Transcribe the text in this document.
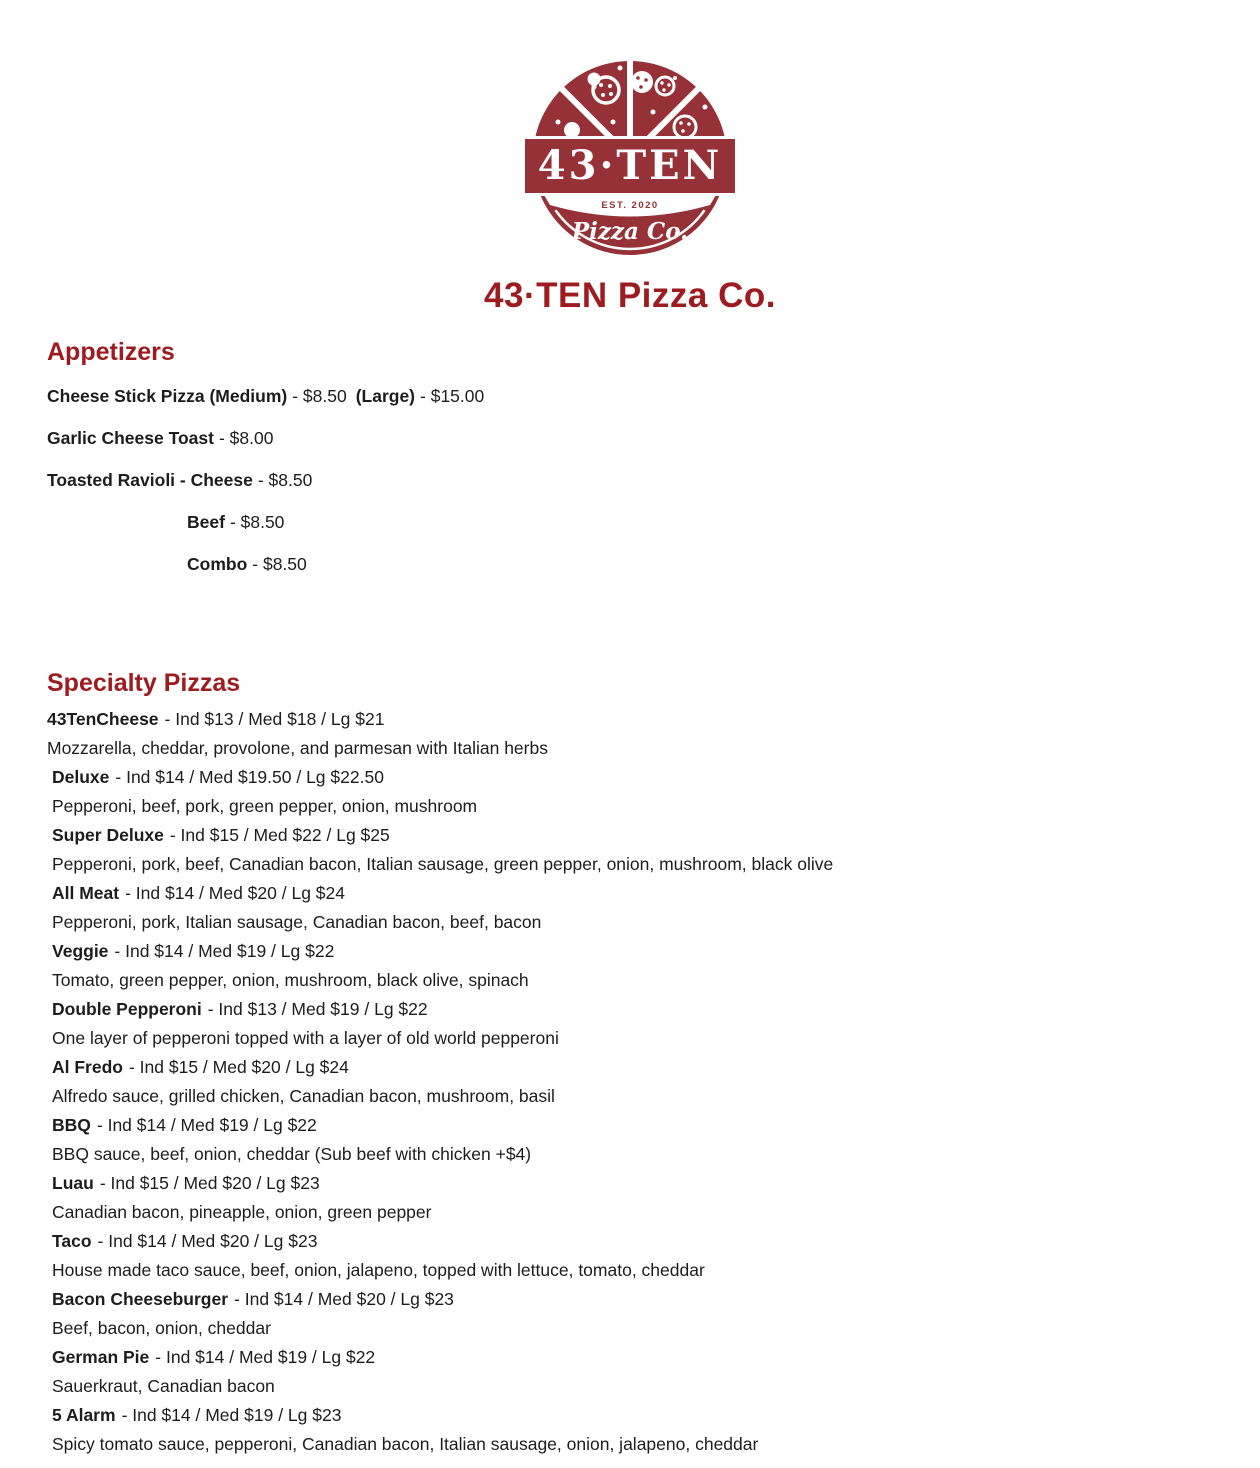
43·TEN
EST. 2020
Pizza Co.
43·TEN Pizza Co.
Appetizers
Cheese Stick Pizza (Medium) - $8.50 (Large) - $15.00
Garlic Cheese Toast - $8.00
Toasted Ravioli - Cheese - $8.50
Beef - $8.50
Combo - $8.50
Specialty Pizzas
43TenCheese - Ind $13 / Med $18 / Lg $21
Mozzarella, cheddar, provolone, and parmesan with Italian herbs
Deluxe - Ind $14 / Med $19.50 / Lg $22.50
Pepperoni, beef, pork, green pepper, onion, mushroom
Super Deluxe - Ind $15 / Med $22 / Lg $25
Pepperoni, pork, beef, Canadian bacon, Italian sausage, green pepper, onion, mushroom, black olive
All Meat - Ind $14 / Med $20 / Lg $24
Pepperoni, pork, Italian sausage, Canadian bacon, beef, bacon
Veggie - Ind $14 / Med $19 / Lg $22
Tomato, green pepper, onion, mushroom, black olive, spinach
Double Pepperoni - Ind $13 / Med $19 / Lg $22
One layer of pepperoni topped with a layer of old world pepperoni
Al Fredo - Ind $15 / Med $20 / Lg $24
Alfredo sauce, grilled chicken, Canadian bacon, mushroom, basil
BBQ - Ind $14 / Med $19 / Lg $22
BBQ sauce, beef, onion, cheddar (Sub beef with chicken +$4)
Luau - Ind $15 / Med $20 / Lg $23
Canadian bacon, pineapple, onion, green pepper
Taco - Ind $14 / Med $20 / Lg $23
House made taco sauce, beef, onion, jalapeno, topped with lettuce, tomato, cheddar
Bacon Cheeseburger - Ind $14 / Med $20 / Lg $23
Beef, bacon, onion, cheddar
German Pie - Ind $14 / Med $19 / Lg $22
Sauerkraut, Canadian bacon
5 Alarm - Ind $14 / Med $19 / Lg $23
Spicy tomato sauce, pepperoni, Canadian bacon, Italian sausage, onion, jalapeno, cheddar
